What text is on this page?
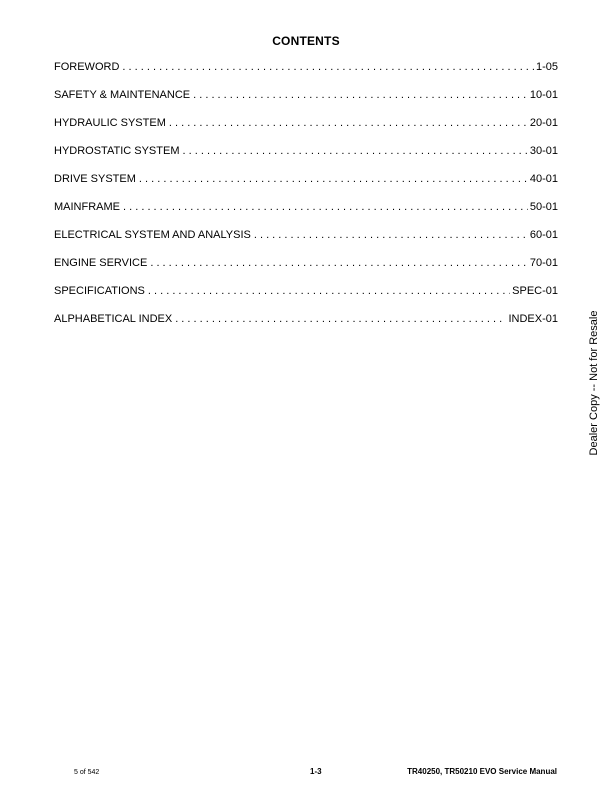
CONTENTS
FOREWORD . . .	1-05
SAFETY & MAINTENANCE . . .	10-01
HYDRAULIC SYSTEM . . .	20-01
HYDROSTATIC SYSTEM . . .	30-01
DRIVE SYSTEM . . .	40-01
MAINFRAME . . .	50-01
ELECTRICAL SYSTEM AND ANALYSIS . . .	60-01
ENGINE SERVICE . . .	70-01
SPECIFICATIONS . . .	SPEC-01
ALPHABETICAL INDEX . . .	INDEX-01	Dealer Copy -- Not for Resale
5 of 542	1-3	TR40250, TR50210 EVO Service Manual
